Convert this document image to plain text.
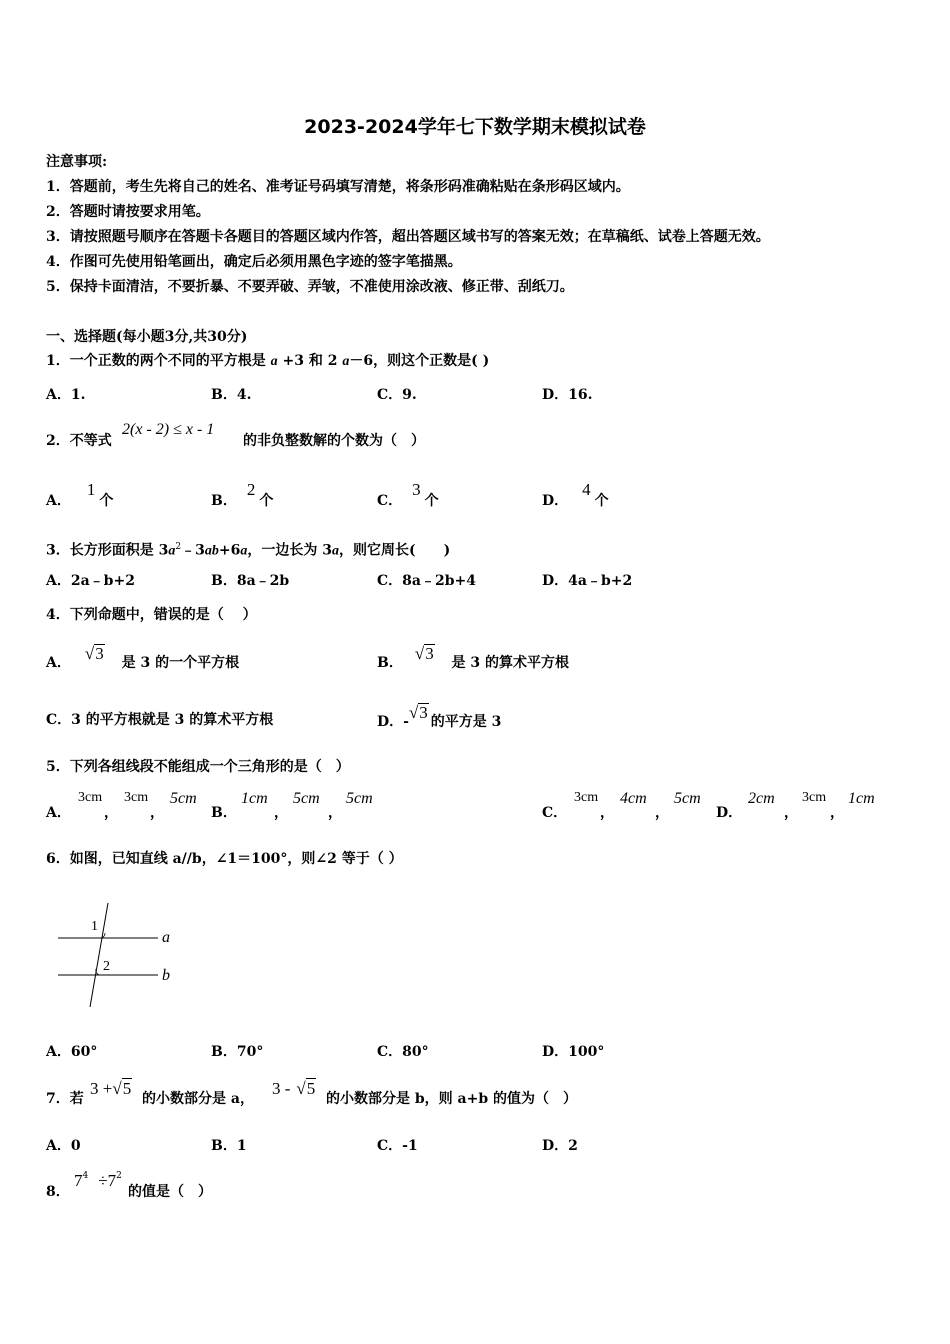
2023-2024学年七下数学期末模拟试卷
注意事项:
1．答题前，考生先将自己的姓名、准考证号码填写清楚，将条形码准确粘贴在条形码区域内。
2．答题时请按要求用笔。
3．请按照题号顺序在答题卡各题目的答题区域内作答，超出答题区域书写的答案无效；在草稿纸、试卷上答题无效。
4．作图可先使用铅笔画出，确定后必须用黑色字迹的签字笔描黑。
5．保持卡面清洁，不要折暴、不要弄破、弄皱，不准使用涂改液、修正带、刮纸刀。
一、选择题(每小题3分,共30分)
1．一个正数的两个不同的平方根是 a +3 和 2 a－6，则这个正数是( )
A．1.	B．4.	C．9.	D．16.
2．不等式
2(x - 2) ≤ x - 1
的非负整数解的个数为（　）
A．1个	B．2个	C．3个	D．4个
3．长方形面积是 $3a^2﹣3ab+6a$，一边长为 3a，则它周长(　　)
A．2a﹣b+2	B．8a﹣2b	C．8a﹣2b+4	D．4a﹣b+2
4．下列命题中，错误的是（　 ）
A． √3 是 3 的一个平方根	B． √3 是 3 的算术平方根
C．3 的平方根就是 3 的算术平方根	D．-√3 的平方是 3
5．下列各组线段不能组成一个三角形的是（　）
A．
3cm
，
3cm
，
5cm
B．
1cm
，
5cm
，
5cm
C．
3cm
，
4cm
，
5cm
D．
2cm
，
3cm
，
1cm
6．如图，已知直线 a//b，∠1＝100°，则∠2 等于（ ）
1
2
a
b
A．60°	B．70°	C．80°	D．100°
7．若
3 +√5
的小数部分是 a，
3 - √5
的小数部分是 b，则 a+b 的值为（　）
A．0	B．1	C．-1	D．2
8．
$7^4 \div 7^2$
的值是（　）
